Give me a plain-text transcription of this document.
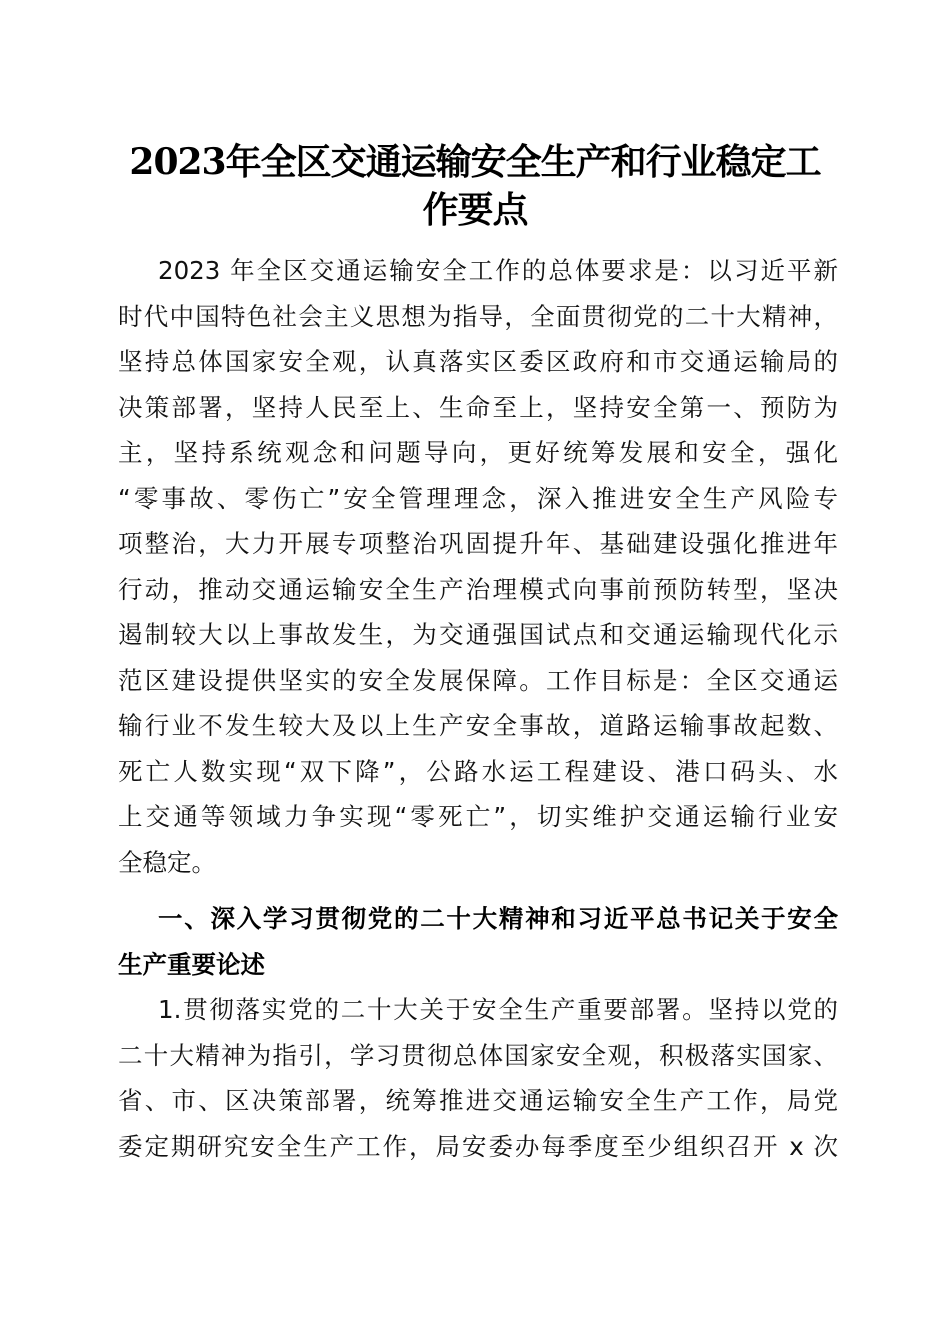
2023年全区交通运输安全生产和行业稳定工
作要点
2023 年全区交通运输安全工作的总体要求是：以习近平新
时代中国特色社会主义思想为指导，全面贯彻党的二十大精神，
坚持总体国家安全观，认真落实区委区政府和市交通运输局的
决策部署，坚持人民至上、生命至上，坚持安全第一、预防为
主，坚持系统观念和问题导向，更好统筹发展和安全，强化
“零事故、零伤亡”安全管理理念，深入推进安全生产风险专
项整治，大力开展专项整治巩固提升年、基础建设强化推进年
行动，推动交通运输安全生产治理模式向事前预防转型，坚决
遏制较大以上事故发生，为交通强国试点和交通运输现代化示
范区建设提供坚实的安全发展保障。工作目标是：全区交通运
输行业不发生较大及以上生产安全事故，道路运输事故起数、
死亡人数实现“双下降”，公路水运工程建设、港口码头、水
上交通等领域力争实现“零死亡”，切实维护交通运输行业安
全稳定。
一、深入学习贯彻党的二十大精神和习近平总书记关于安全
生产重要论述
1.贯彻落实党的二十大关于安全生产重要部署。坚持以党的
二十大精神为指引，学习贯彻总体国家安全观，积极落实国家、
省、市、区决策部署，统筹推进交通运输安全生产工作，局党
委定期研究安全生产工作，局安委办每季度至少组织召开 x 次
